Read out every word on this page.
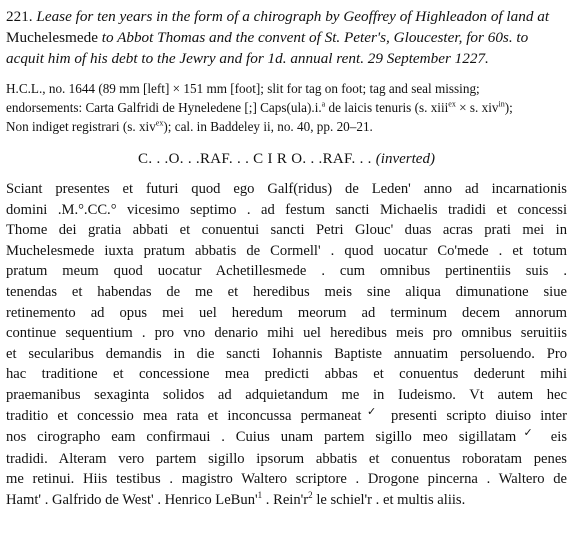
221. Lease for ten years in the form of a chirograph by Geoffrey of Highleadon of land at Muchelesmede to Abbot Thomas and the convent of St. Peter's, Gloucester, for 60s. to acquit him of his debt to the Jewry and for 1d. annual rent. 29 September 1227.

H.C.L., no. 1644 (89 mm [left] × 151 mm [foot]; slit for tag on foot; tag and seal missing;
endorsements: Carta Galfridi de Hyneledene [;] Caps(ula).i.$^a$ de laicis tenuris (s. xiii$^{ex}$ × s. xiv$^{in}$);
Non indiget registrari (s. xiv$^{ex}$); cal. in Baddeley ii, no. 40, pp. 20–21.

C. . .O. . .RAF. . . C I R O. . .RAF. . . (inverted)

Sciant presentes et futuri quod ego Galf(ridus) de Leden' anno ad incarnationis
domini .M.°.CC.° vicesimo septimo . ad festum sancti Michaelis tradidi et concessi
Thome dei gratia abbati et conuentui sancti Petri Glouc' duas acras prati mei in
Muchelesmede iuxta pratum abbatis de Cormell' . quod uocatur Co'mede . et totum
pratum meum quod uocatur Achetillesmede . cum omnibus pertinentiis suis .
tenendas et habendas de me et heredibus meis sine aliqua dimunatione siue
retinemento ad opus mei uel heredum meorum ad terminum decem annorum
continue sequentium . pro vno denario mihi uel heredibus meis pro omnibus seruitiis
et secularibus demandis in die sancti Iohannis Baptiste annuatim persoluendo. Pro
hac traditione et concessione mea predicti abbas et conuentus dederunt mihi
praemanibus sexaginta solidos ad adquietandum me in Iudeismo. Vt autem hec
traditio et concessio mea rata et inconcussa permaneat✓ presenti scripto diuiso inter
nos cirographo eam confirmaui . Cuius unam partem sigillo meo sigillatam✓ eis
tradidi. Alteram vero partem sigillo ipsorum abbatis et conuentus roboratam penes
me retinui. Hiis testibus . magistro Waltero scriptore . Drogone pincerna . Waltero de
Hamt' . Galfrido de West' . Henrico $LeBun'^1$ . $Rein'r^2$ le schiel'r . et multis aliis.
